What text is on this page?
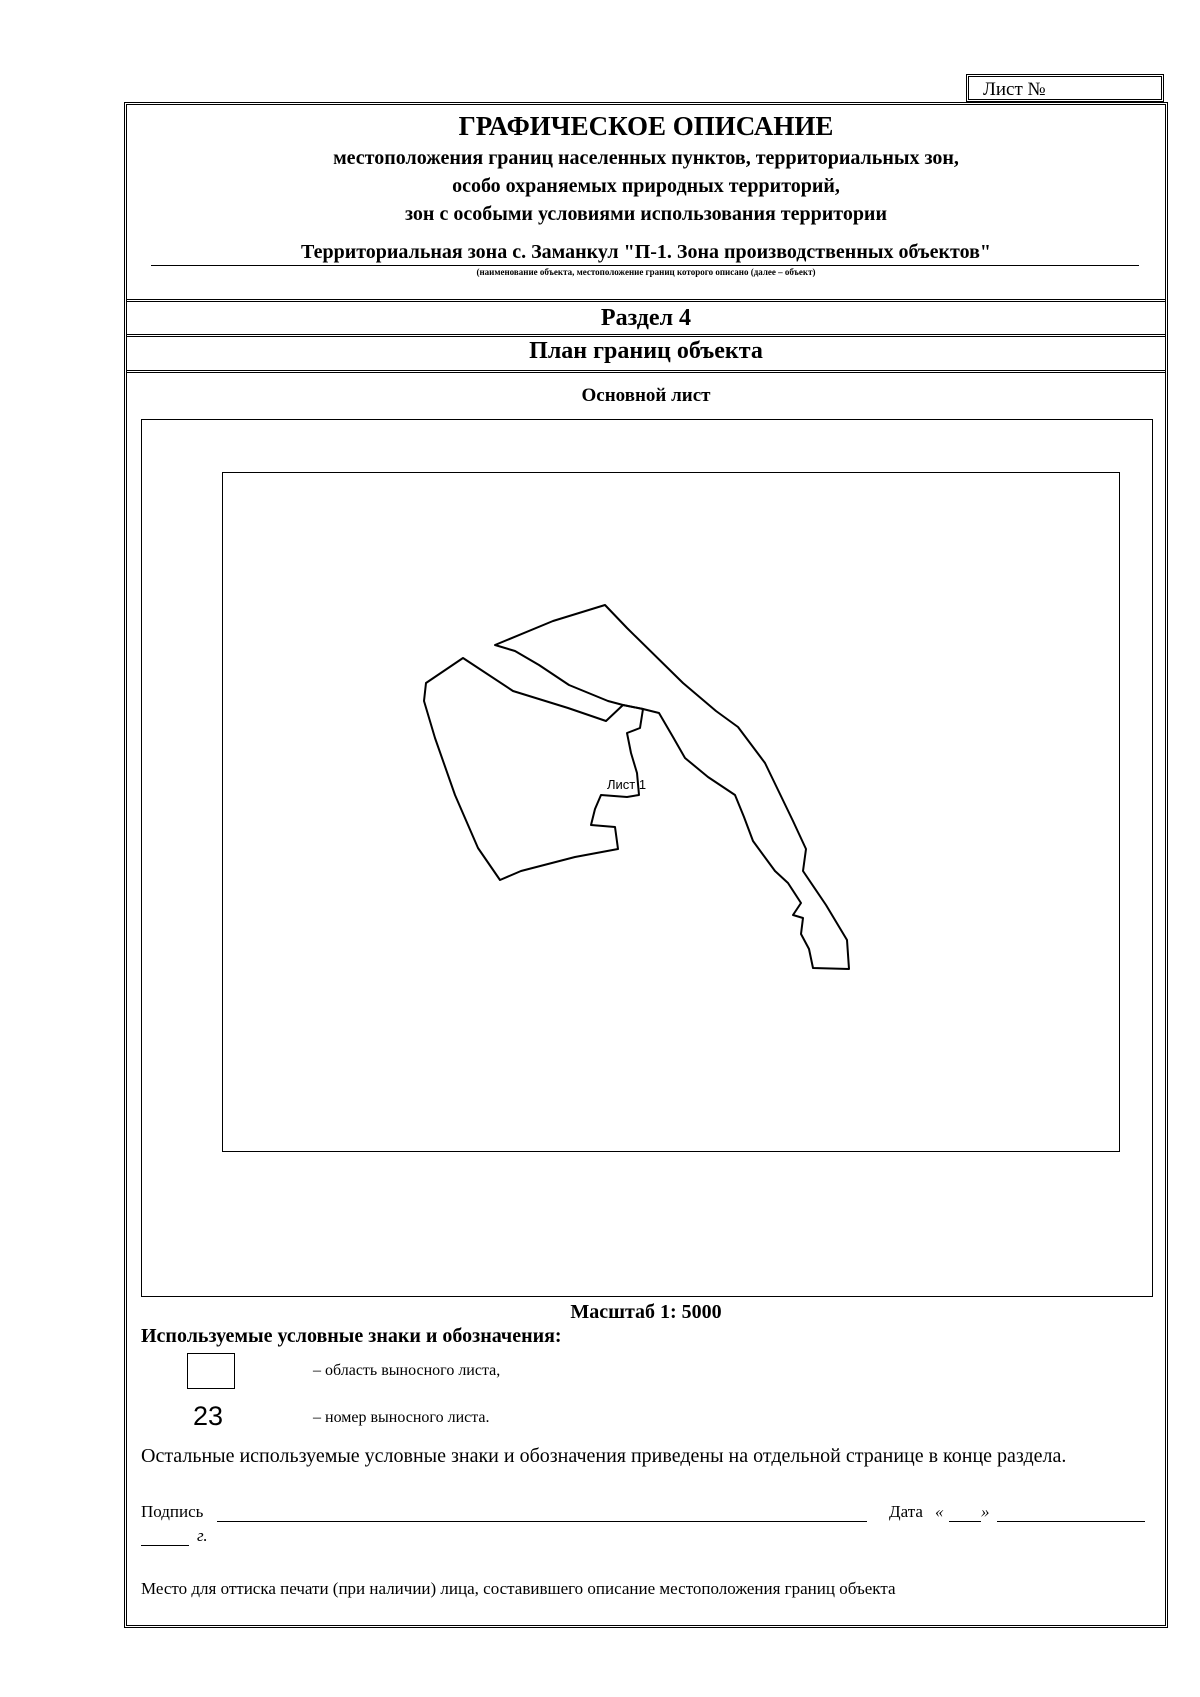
Лист №
ГРАФИЧЕСКОЕ ОПИСАНИЕ
местоположения границ населенных пунктов, территориальных зон,
особо охраняемых природных территорий,
зон с особыми условиями использования территории
Территориальная зона с. Заманкул "П-1. Зона производственных объектов"
(наименование объекта, местоположение границ которого описано (далее – объект)
Раздел 4
План границ объекта
Основной лист
Лист 1
Масштаб 1: 5000
Используемые условные знаки и обозначения:
– область выносного листа,
23	– номер выносного листа.
Остальные используемые условные знаки и обозначения приведены на отдельной странице в конце раздела.
Подпись	Дата « »
г.
Место для оттиска печати (при наличии) лица, составившего описание местоположения границ объекта
